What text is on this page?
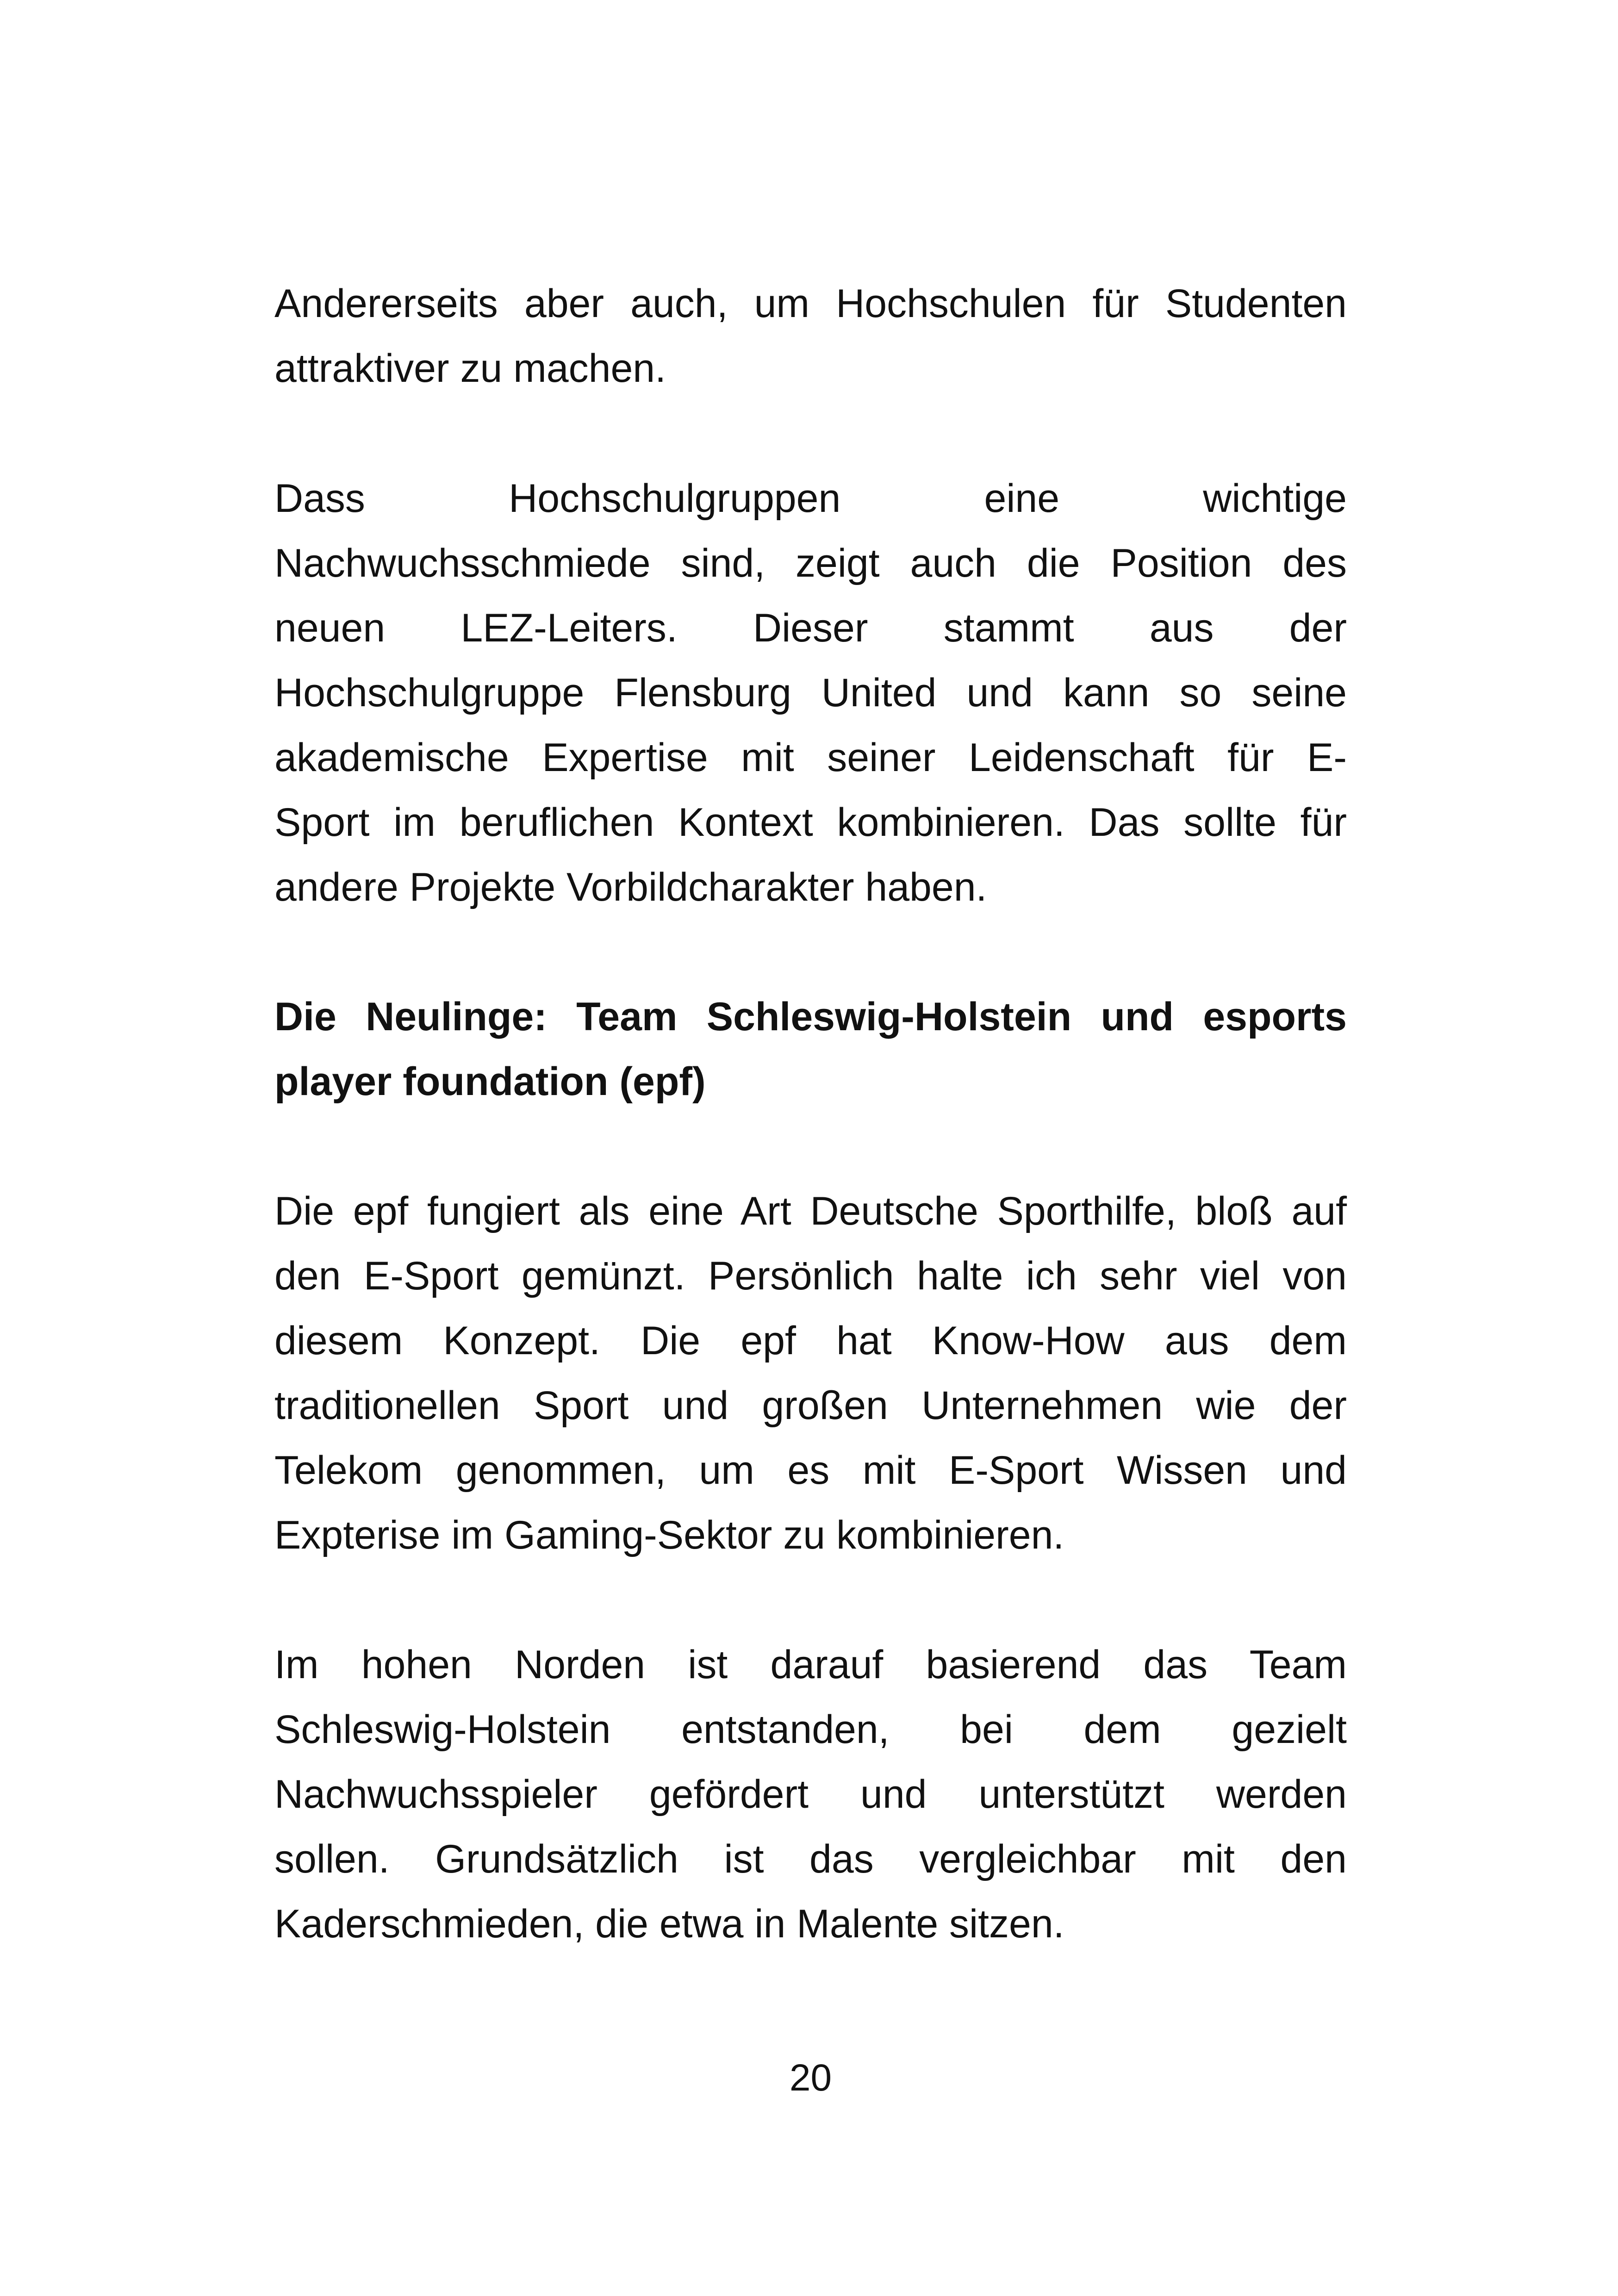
Andererseits aber auch, um Hochschulen für Studenten
attraktiver zu machen.
Dass Hochschulgruppen eine wichtige
Nachwuchsschmiede sind, zeigt auch die Position des
neuen LEZ-Leiters. Dieser stammt aus der
Hochschulgruppe Flensburg United und kann so seine
akademische Expertise mit seiner Leidenschaft für E-
Sport im beruflichen Kontext kombinieren. Das sollte für
andere Projekte Vorbildcharakter haben.
Die Neulinge: Team Schleswig-Holstein und esports
player foundation (epf)
Die epf fungiert als eine Art Deutsche Sporthilfe, bloß auf
den E-Sport gemünzt. Persönlich halte ich sehr viel von
diesem Konzept. Die epf hat Know-How aus dem
traditionellen Sport und großen Unternehmen wie der
Telekom genommen, um es mit E-Sport Wissen und
Expterise im Gaming-Sektor zu kombinieren.
Im hohen Norden ist darauf basierend das Team
Schleswig-Holstein entstanden, bei dem gezielt
Nachwuchsspieler gefördert und unterstützt werden
sollen. Grundsätzlich ist das vergleichbar mit den
Kaderschmieden, die etwa in Malente sitzen.
20
